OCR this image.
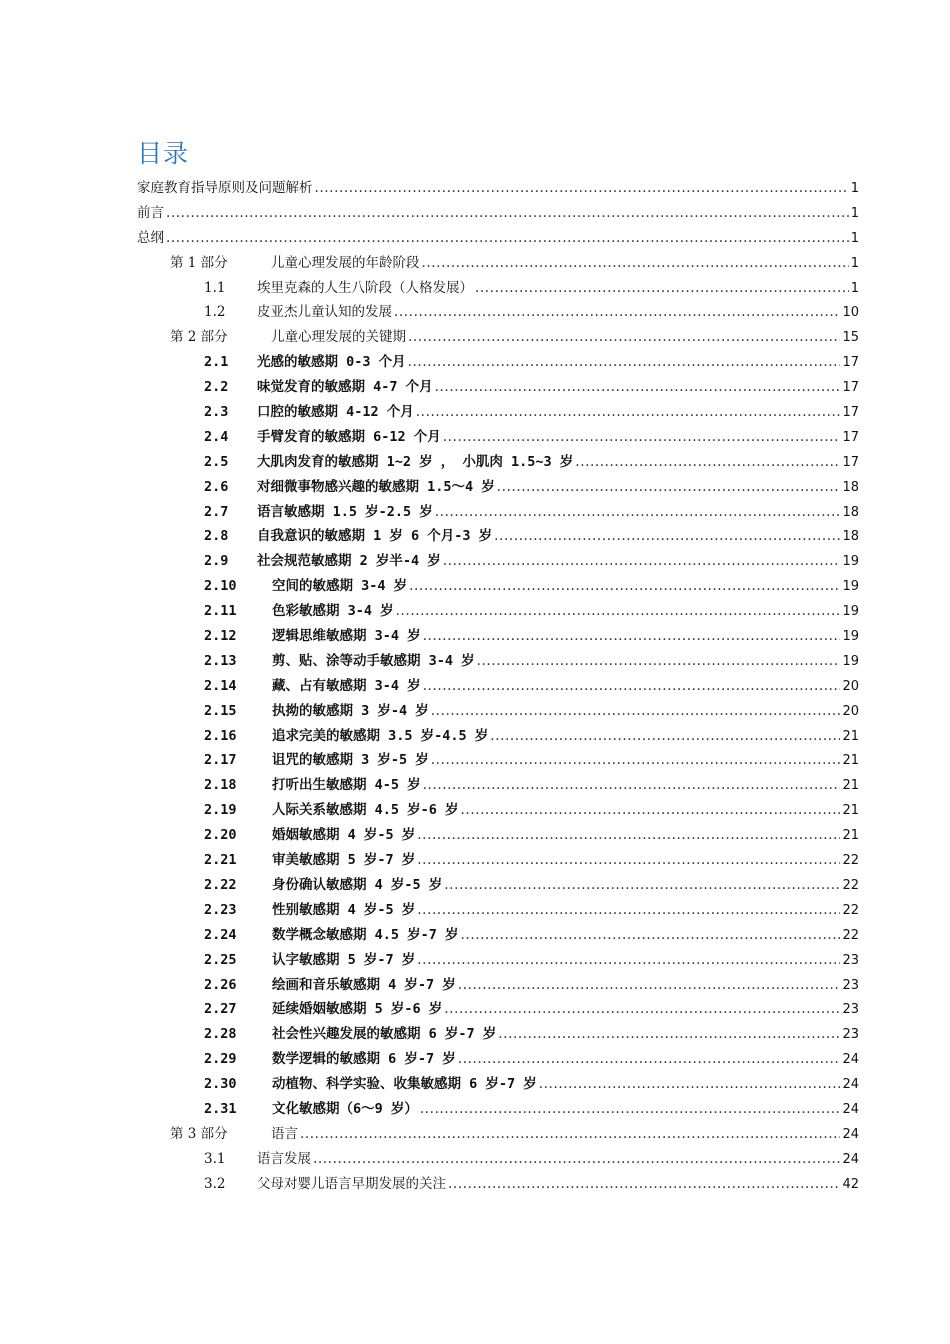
目录
家庭教育指导原则及问题解析 .....	1
前言 .....	1
总纲 .....	1
第 1 部分	儿童心理发展的年龄阶段 .....	1
1.1	埃里克森的人生八阶段（人格发展） .....	1
1.2	皮亚杰儿童认知的发展 .....	10
第 2 部分	儿童心理发展的关键期 .....	15
2.1	光感的敏感期 0-3 个月 .....	17
2.2	味觉发育的敏感期 4-7 个月 .....	17
2.3	口腔的敏感期 4-12 个月 .....	17
2.4	手臂发育的敏感期 6-12 个月 .....	17
2.5	大肌肉发育的敏感期 1~2 岁 ， 小肌肉 1.5~3 岁 .....	17
2.6	对细微事物感兴趣的敏感期 1.5～4 岁 .....	18
2.7	语言敏感期 1.5 岁-2.5 岁 .....	18
2.8	自我意识的敏感期 1 岁 6 个月-3 岁 .....	18
2.9	社会规范敏感期 2 岁半-4 岁 .....	19
2.10	空间的敏感期 3-4 岁 .....	19
2.11	色彩敏感期 3-4 岁 .....	19
2.12	逻辑思维敏感期 3-4 岁 .....	19
2.13	剪、贴、涂等动手敏感期 3-4 岁 .....	19
2.14	藏、占有敏感期 3-4 岁 .....	20
2.15	执拗的敏感期 3 岁-4 岁 .....	20
2.16	追求完美的敏感期 3.5 岁-4.5 岁 .....	21
2.17	诅咒的敏感期 3 岁-5 岁 .....	21
2.18	打听出生敏感期 4-5 岁 .....	21
2.19	人际关系敏感期 4.5 岁-6 岁 .....	21
2.20	婚姻敏感期 4 岁-5 岁 .....	21
2.21	审美敏感期 5 岁-7 岁 .....	22
2.22	身份确认敏感期 4 岁-5 岁 .....	22
2.23	性别敏感期 4 岁-5 岁 .....	22
2.24	数学概念敏感期 4.5 岁-7 岁 .....	22
2.25	认字敏感期 5 岁-7 岁 .....	23
2.26	绘画和音乐敏感期 4 岁-7 岁 .....	23
2.27	延续婚姻敏感期 5 岁-6 岁 .....	23
2.28	社会性兴趣发展的敏感期 6 岁-7 岁 .....	23
2.29	数学逻辑的敏感期 6 岁-7 岁 .....	24
2.30	动植物、科学实验、收集敏感期 6 岁-7 岁 .....	24
2.31	文化敏感期（6～9 岁） .....	24
第 3 部分	语言 .....	24
3.1	语言发展 .....	24
3.2	父母对婴儿语言早期发展的关注 .....	42
